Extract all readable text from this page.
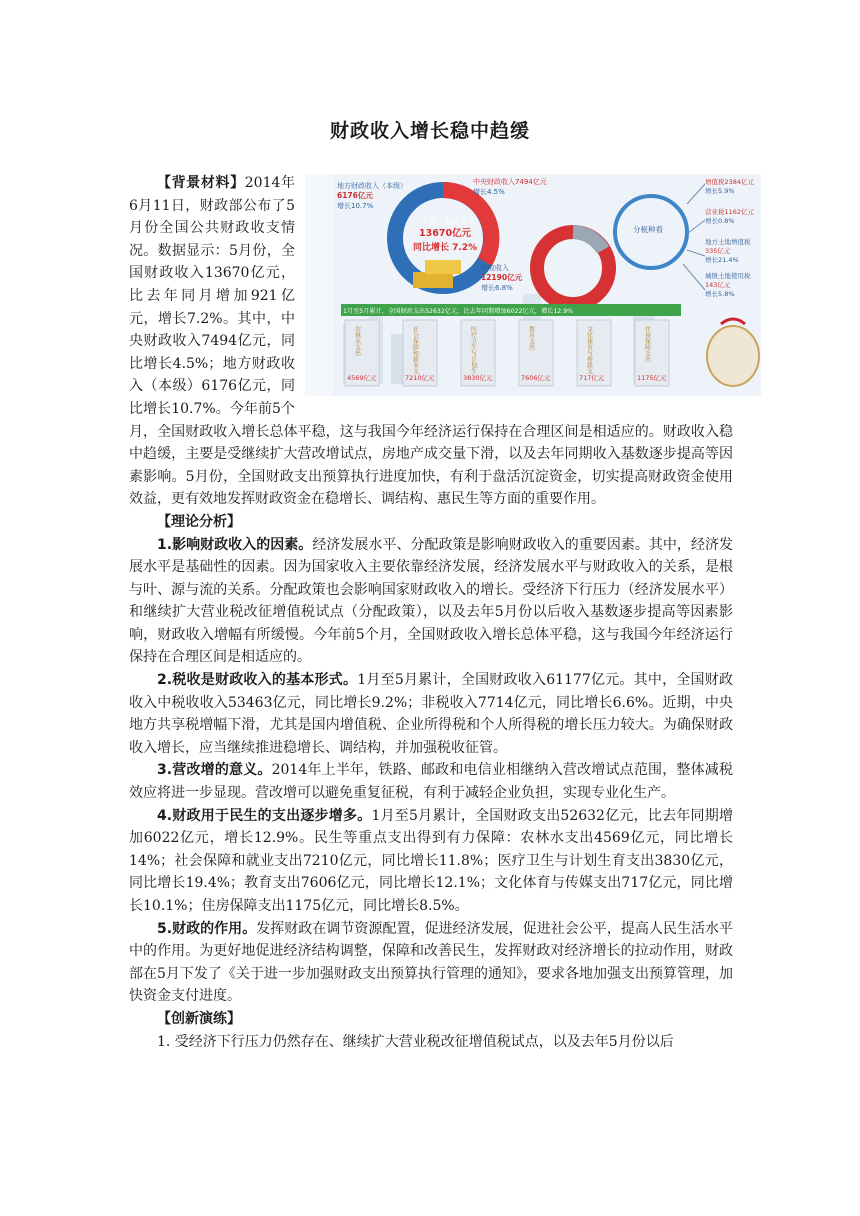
财政收入增长稳中趋缓

农林水支出
4569亿元
社会保障和就业支
7210亿元
医疗卫生与计划生
3830亿元
教育支出
7606亿元
文化体育与传媒支
717亿元
住房保障支出
1175亿元
地方财政收入（本级）
6176亿元
增长10.7%
5月，财政收入
13670亿元
同比增长 7.2%
中央财政收入7494亿元
增长4.5%
税收收入
12190亿元
增长6.8%
分税种看
增值税2384亿元
增长5.9%
营业税1162亿元
增长0.8%
地方土地增值税
335亿元
增长21.4%
城镇土地使用税
143亿元
增长5.8%
1月至5月累计，全国财政支出52632亿元，比去年同期增加6022亿元，增长12.9%
【背景材料】2014年6月11日，财政部公布了5月份全国公共财政收支情况。数据显示：5月份，全国财政收入13670亿元，比去年同月增加921亿元，增长7.2%。其中，中央财政收入7494亿元，同比增长4.5%；地方财政收入（本级）6176亿元，同比增长10.7%。今年前5个月，全国财政收入增长总体平稳，这与我国今年经济运行保持在合理区间是相适应的。财政收入稳中趋缓，主要是受继续扩大营改增试点，房地产成交量下滑，以及去年同期收入基数逐步提高等因素影响。5月份，全国财政支出预算执行进度加快，有利于盘活沉淀资金，切实提高财政资金使用效益，更有效地发挥财政资金在稳增长、调结构、惠民生等方面的重要作用。

【理论分析】

1.影响财政收入的因素。经济发展水平、分配政策是影响财政收入的重要因素。其中，经济发展水平是基础性的因素。因为国家收入主要依靠经济发展，经济发展水平与财政收入的关系，是根与叶、源与流的关系。分配政策也会影响国家财政收入的增长。受经济下行压力（经济发展水平）和继续扩大营业税改征增值税试点（分配政策），以及去年5月份以后收入基数逐步提高等因素影响，财政收入增幅有所缓慢。今年前5个月，全国财政收入增长总体平稳，这与我国今年经济运行保持在合理区间是相适应的。

2.税收是财政收入的基本形式。1月至5月累计，全国财政收入61177亿元。其中，全国财政收入中税收收入53463亿元，同比增长9.2%；非税收入7714亿元，同比增长6.6%。近期，中央地方共享税增幅下滑，尤其是国内增值税、企业所得税和个人所得税的增长压力较大。为确保财政收入增长，应当继续推进稳增长、调结构，并加强税收征管。

3.营改增的意义。2014年上半年，铁路、邮政和电信业相继纳入营改增试点范围，整体减税效应将进一步显现。营改增可以避免重复征税，有利于减轻企业负担，实现专业化生产。

4.财政用于民生的支出逐步增多。1月至5月累计，全国财政支出52632亿元，比去年同期增加6022亿元，增长12.9%。民生等重点支出得到有力保障：农林水支出4569亿元，同比增长14%；社会保障和就业支出7210亿元，同比增长11.8%；医疗卫生与计划生育支出3830亿元，同比增长19.4%；教育支出7606亿元，同比增长12.1%；文化体育与传媒支出717亿元，同比增长10.1%；住房保障支出1175亿元，同比增长8.5%。

5.财政的作用。发挥财政在调节资源配置，促进经济发展，促进社会公平，提高人民生活水平中的作用。为更好地促进经济结构调整，保障和改善民生，发挥财政对经济增长的拉动作用，财政部在5月下发了《关于进一步加强财政支出预算执行管理的通知》，要求各地加强支出预算管理，加快资金支付进度。

【创新演练】

1. 受经济下行压力仍然存在、继续扩大营业税改征增值税试点，以及去年5月份以后
